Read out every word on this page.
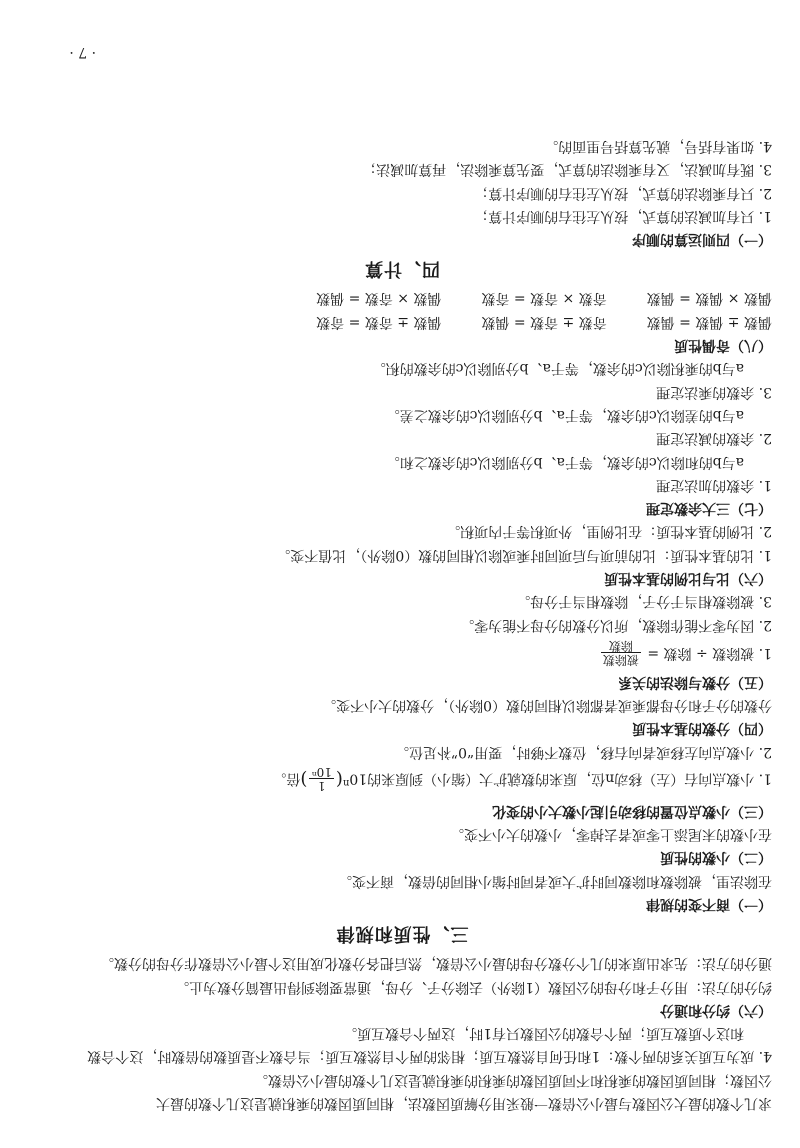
求几个数的最大公因数与最小公倍数一般采用分解质因数法，相同质因数的乘积就是这几个数的最大
公因数；相同质因数的乘积和不同质因数的乘积的乘积就是这几个数的最小公倍数。
4. 成为互质关系的两个数：1和任何自然数互质；相邻的两个自然数互质；当合数不是质数的倍数时，这个合数
和这个质数互质；两个合数的公因数只有1时，这两个合数互质。
（六）约分和通分
约分的方法：用分子和分母的公因数（1除外）去除分子、分母，通常要除到得出最简分数为止。
通分的方法：先求出原来的几个分数分母的最小公倍数，然后把各分数化成用这个最小公倍数作分母的分数。
三、性质和规律
（一）商不变的规律
在除法里，被除数和除数同时扩大或者同时缩小相同的倍数，商不变。
（二）小数的性质
在小数的末尾添上零或者去掉零，小数的大小不变。
（三）小数点位置的移动引起小数大小的变化
1. 小数点向右（左）移动n位，原来的数就扩大（缩小）到原来的10$^n$(
1
10ⁿ
)倍。
2. 小数点向左移或者向右移，位数不够时，要用“0”补足位。
（四）分数的基本性质
分数的分子和分母都乘或者都除以相同的数（0除外），分数的大小不变。
（五）分数与除法的关系
1. 被除数 ÷ 除数 =
被除数
除数
2. 因为零不能作除数，所以分数的分母不能为零。
3. 被除数相当于分子，除数相当于分母。
（六）比与比例的基本性质
1. 比的基本性质：比的前项与后项同时乘或除以相同的数（0除外），比值不变。
2. 比例的基本性质：在比例里，外项积等于内项积。
（七）三大余数定理
1. 余数的加法定理
a与b的和除以c的余数，等于a、b分别除以c的余数之和。
2. 余数的减法定理
a与b的差除以c的余数，等于a、b分别除以c的余数之差。
3. 余数的乘法定理
a与b的乘积除以c的余数，等于a、b分别除以c的余数的积。
（八）奇偶性质
偶数 ± 偶数 = 偶数
奇数 ± 奇数 = 偶数
偶数 ± 奇数 = 奇数
偶数 × 偶数 = 偶数
奇数 × 奇数 = 奇数
偶数 × 奇数 = 偶数
四、计算
（一）四则运算的顺序
1. 只有加减法的算式，按从左往右的顺序计算；
2. 只有乘除法的算式，按从左往右的顺序计算；
3. 既有加减法，又有乘除法的算式，要先算乘除法，再算加减法；
4. 如果有括号，就先算括号里面的。
· 7 ·
